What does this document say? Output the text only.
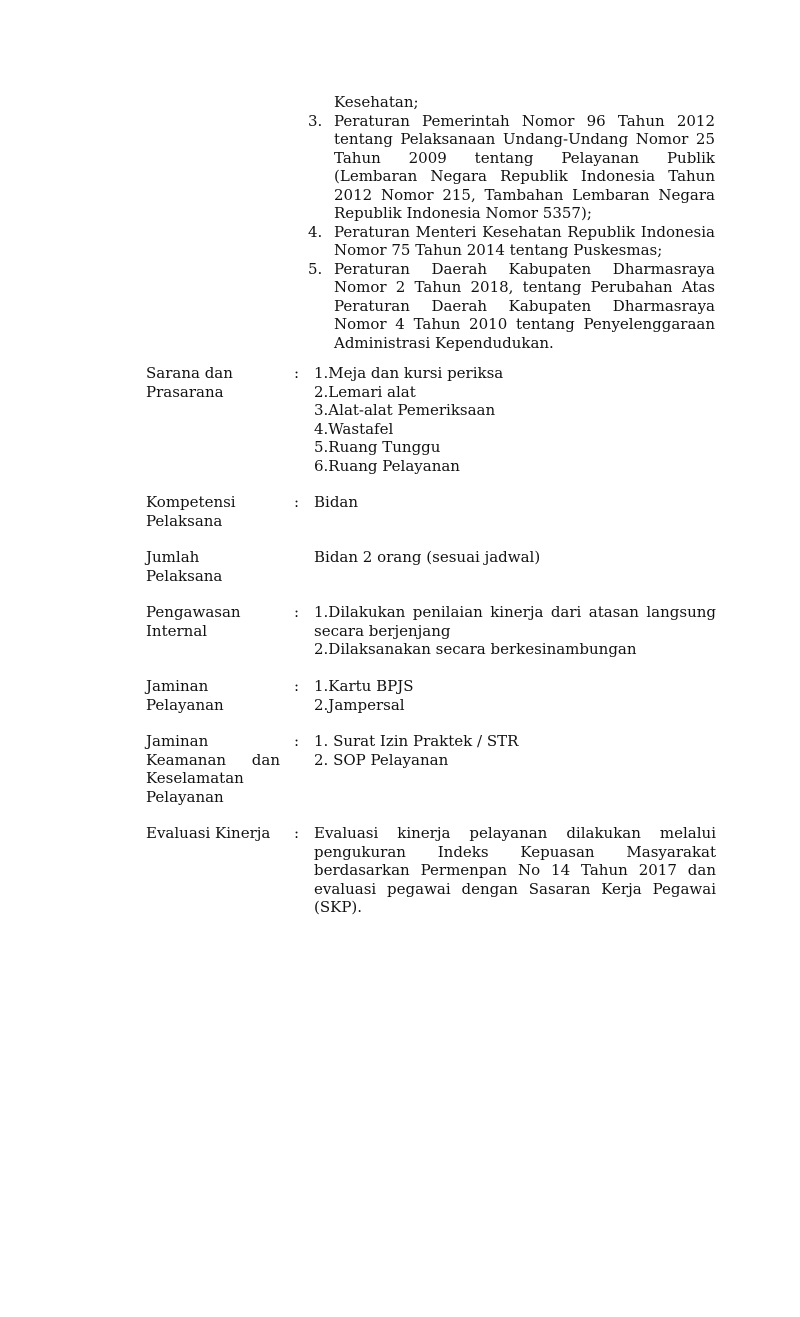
Kesehatan;
3. Peraturan Pemerintah Nomor 96 Tahun 2012
tentang Pelaksanaan Undang-Undang Nomor 25
Tahun 2009 tentang Pelayanan Publik
(Lembaran Negara Republik Indonesia Tahun
2012 Nomor 215, Tambahan Lembaran Negara
Republik Indonesia Nomor 5357);
4. Peraturan Menteri Kesehatan Republik Indonesia
Nomor 75 Tahun 2014 tentang Puskesmas;
5. Peraturan Daerah Kabupaten Dharmasraya
Nomor 2 Tahun 2018, tentang Perubahan Atas
Peraturan Daerah Kabupaten Dharmasraya
Nomor 4 Tahun 2010 tentang Penyelenggaraan
Administrasi Kependudukan.
Sarana dan
Prasarana
: 1.Meja dan kursi periksa
2.Lemari alat
3.Alat-alat Pemeriksaan
4.Wastafel
5.Ruang Tunggu
6.Ruang Pelayanan
Kompetensi
Pelaksana
: Bidan
Jumlah
Pelaksana
Bidan 2 orang (sesuai jadwal)
Pengawasan
Internal
: 1.Dilakukan penilaian kinerja dari atasan langsung
secara berjenjang
2.Dilaksanakan secara berkesinambungan
Jaminan
Pelayanan
: 1.Kartu BPJS
2.Jampersal
Jaminan
Keamanan dan
Keselamatan
Pelayanan
: 1. Surat Izin Praktek / STR
2. SOP Pelayanan
Evaluasi Kinerja	: Evaluasi kinerja pelayanan dilakukan melalui
pengukuran Indeks Kepuasan Masyarakat
berdasarkan Permenpan No 14 Tahun 2017 dan
evaluasi pegawai dengan Sasaran Kerja Pegawai
(SKP).
